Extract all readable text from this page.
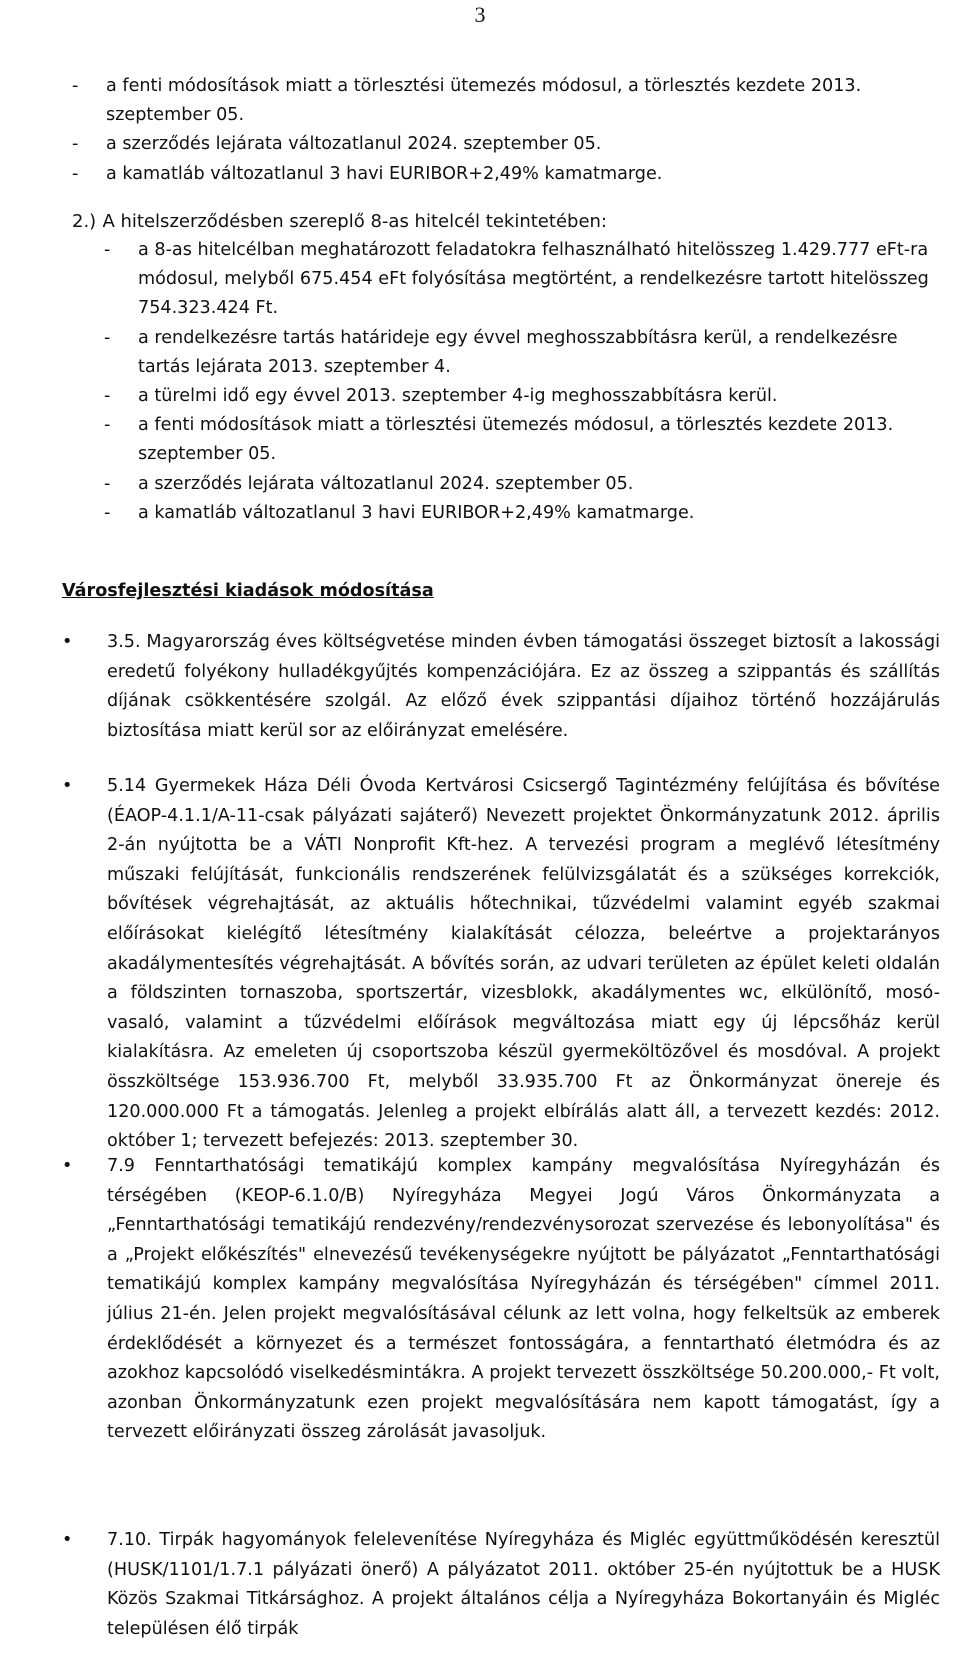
3
- a fenti módosítások miatt a törlesztési ütemezés módosul, a törlesztés kezdete 2013. szeptember 05.
- a szerződés lejárata változatlanul 2024. szeptember 05.
- a kamatláb változatlanul 3 havi EURIBOR+2,49% kamatmarge.
2.) A hitelszerződésben szereplő 8-as hitelcél tekintetében:
- a 8-as hitelcélban meghatározott feladatokra felhasználható hitelösszeg 1.429.777 eFt-ra módosul, melyből 675.454 eFt folyósítása megtörtént, a rendelkezésre tartott hitelösszeg 754.323.424 Ft.
- a rendelkezésre tartás határideje egy évvel meghosszabbításra kerül, a rendelkezésre tartás lejárata 2013. szeptember 4.
- a türelmi idő egy évvel 2013. szeptember 4-ig meghosszabbításra kerül.
- a fenti módosítások miatt a törlesztési ütemezés módosul, a törlesztés kezdete 2013. szeptember 05.
- a szerződés lejárata változatlanul 2024. szeptember 05.
- a kamatláb változatlanul 3 havi EURIBOR+2,49% kamatmarge.
Városfejlesztési kiadások módosítása
•	3.5. Magyarország éves költségvetése minden évben támogatási összeget biztosít a lakossági eredetű folyékony hulladékgyűjtés kompenzációjára. Ez az összeg a szippantás és szállítás díjának csökkentésére szolgál. Az előző évek szippantási díjaihoz történő hozzájárulás biztosítása miatt kerül sor az előirányzat emelésére.
•	5.14 Gyermekek Háza Déli Óvoda Kertvárosi Csicsergő Tagintézmény felújítása és bővítése (ÉAOP-4.1.1/A-11-csak pályázati sajáterő) Nevezett projektet Önkormányzatunk 2012. április 2-án nyújtotta be a VÁTI Nonprofit Kft-hez. A tervezési program a meglévő létesítmény műszaki felújítását, funkcionális rendszerének felülvizsgálatát és a szükséges korrekciók, bővítések végrehajtását, az aktuális hőtechnikai, tűzvédelmi valamint egyéb szakmai előírásokat kielégítő létesítmény kialakítását célozza, beleértve a projektarányos akadálymentesítés végrehajtását. A bővítés során, az udvari területen az épület keleti oldalán a földszinten tornaszoba, sportszertár, vizesblokk, akadálymentes wc, elkülönítő, mosó-vasaló, valamint a tűzvédelmi előírások megváltozása miatt egy új lépcsőház kerül kialakításra. Az emeleten új csoportszoba készül gyermeköltözővel és mosdóval. A projekt összköltsége 153.936.700 Ft, melyből 33.935.700 Ft az Önkormányzat önereje és 120.000.000 Ft a támogatás. Jelenleg a projekt elbírálás alatt áll, a tervezett kezdés: 2012. október 1; tervezett befejezés: 2013. szeptember 30.
•	7.9 Fenntarthatósági tematikájú komplex kampány megvalósítása Nyíregyházán és térségében (KEOP-6.1.0/B) Nyíregyháza Megyei Jogú Város Önkormányzata a „Fenntarthatósági tematikájú rendezvény/rendezvénysorozat szervezése és lebonyolítása" és a „Projekt előkészítés" elnevezésű tevékenységekre nyújtott be pályázatot „Fenntarthatósági tematikájú komplex kampány megvalósítása Nyíregyházán és térségében" címmel 2011. július 21-én. Jelen projekt megvalósításával célunk az lett volna, hogy felkeltsük az emberek érdeklődését a környezet és a természet fontosságára, a fenntartható életmódra és az azokhoz kapcsolódó viselkedésmintákra. A projekt tervezett összköltsége 50.200.000,- Ft volt, azonban Önkormányzatunk ezen projekt megvalósítására nem kapott támogatást, így a tervezett előirányzati összeg zárolását javasoljuk.
•	7.10. Tirpák hagyományok felelevenítése Nyíregyháza és Migléc együttműködésén keresztül (HUSK/1101/1.7.1 pályázati önerő) A pályázatot 2011. október 25-én nyújtottuk be a HUSK Közös Szakmai Titkársághoz. A projekt általános célja a Nyíregyháza Bokortanyáin és Migléc településen élő tirpák
